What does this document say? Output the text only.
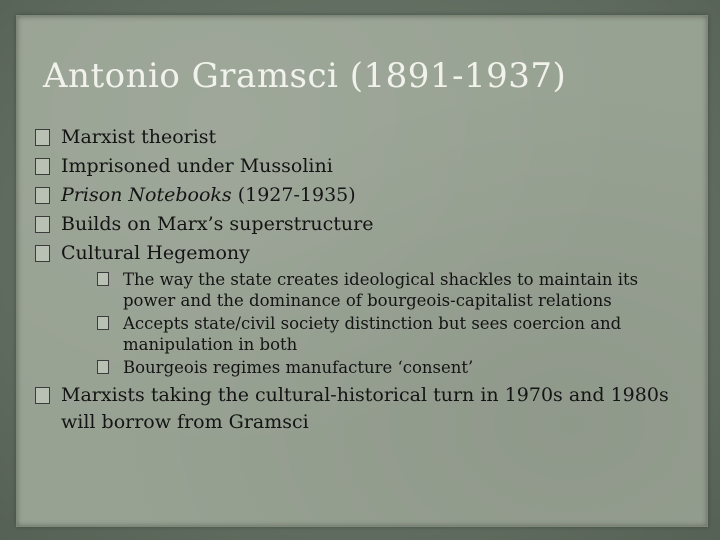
Antonio Gramsci (1891-1937)
Marxist theorist
Imprisoned under Mussolini
Prison Notebooks (1927-1935)
Builds on Marx’s superstructure
Cultural Hegemony
The way the state creates ideological shackles to maintain its power and the dominance of bourgeois-capitalist relations
Accepts state/civil society distinction but sees coercion and manipulation in both
Bourgeois regimes manufacture ‘consent’
Marxists taking the cultural-historical turn in 1970s and 1980s will borrow from Gramsci
